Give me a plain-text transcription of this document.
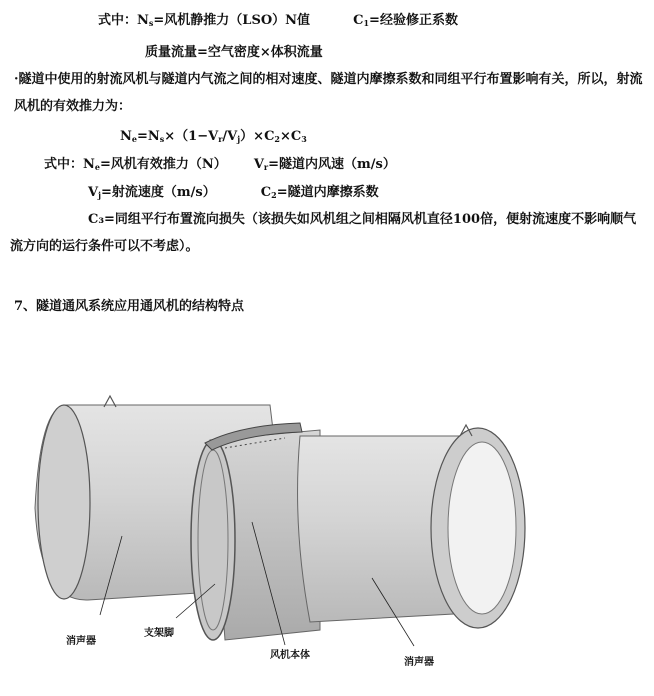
式中：$N_s=$风机静推力（LSO）N值	$C_1=$经验修正系数
质量流量=空气密度×体积流量
·隧道中使用的射流风机与隧道内气流之间的相对速度、隧道内摩擦系数和同组平行布置影响有关，所以，射流风机的有效推力为：
$N_e=N_s\times(1-V_r/V_j)\times C_2\times C_3$
式中：$N_e=$风机有效推力（N） $V_r=$隧道内风速（m/s）
$V_j=$射流速度（m/s）	$C_2=$隧道内摩擦系数
C₃=同组平行布置流向损失（该损失如风机组之间相隔风机直径100倍，便射流速度不影响顺气流方向的运行条件可以不考虑）。
7、隧道通风系统应用通风机的结构特点
消声器
支架脚
风机本体
消声器
